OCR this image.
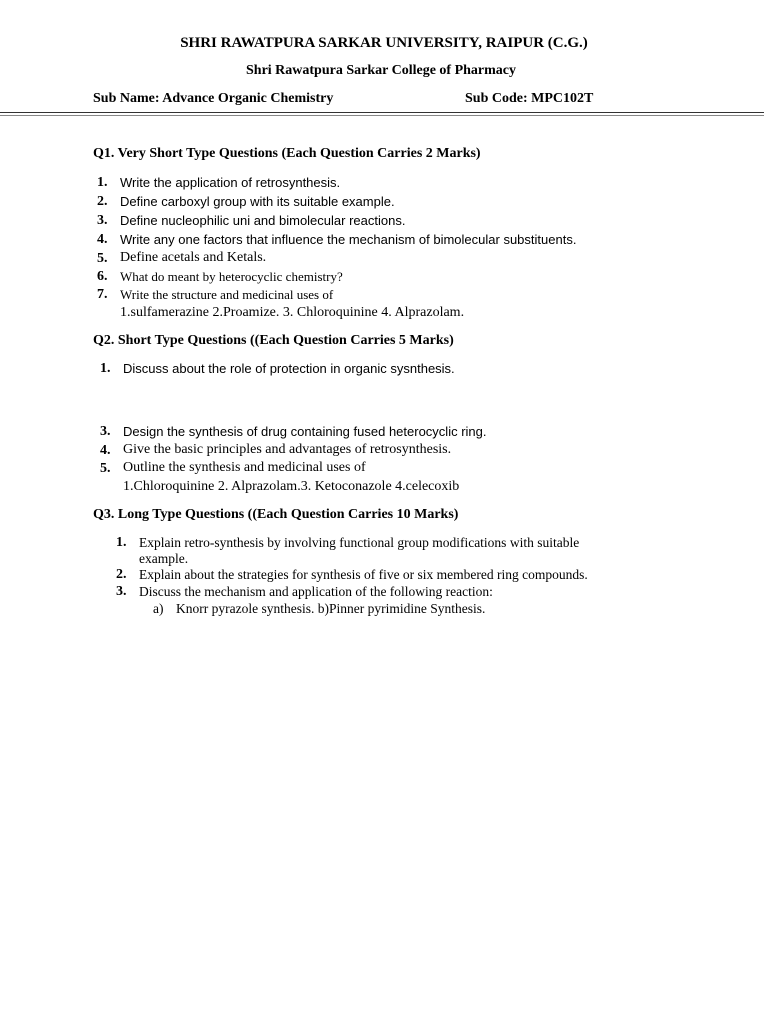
SHRI RAWATPURA SARKAR UNIVERSITY, RAIPUR (C.G.)
Shri Rawatpura Sarkar College of Pharmacy
Sub Name: Advance Organic Chemistry	Sub Code: MPC102T
Q1. Very Short Type Questions (Each Question Carries 2 Marks)
1. Write the application of retrosynthesis.
2. Define carboxyl group with its suitable example.
3. Define nucleophilic uni and bimolecular reactions.
4. Write any one factors that influence the mechanism of bimolecular substituents.
5. Define acetals and Ketals.
6. What do meant by heterocyclic chemistry?
7. Write the structure and medicinal uses of
1.sulfamerazine 2.Proamize. 3. Chloroquinine 4. Alprazolam.
Q2. Short Type Questions ((Each Question Carries 5 Marks)
1. Discuss about the role of protection in organic sysnthesis.
3. Design the synthesis of drug containing fused heterocyclic ring.
4. Give the basic principles and advantages of retrosynthesis.
5. Outline the synthesis and medicinal uses of
1.Chloroquinine 2. Alprazolam.3. Ketoconazole 4.celecoxib
Q3. Long Type Questions ((Each Question Carries 10 Marks)
1. Explain retro-synthesis by involving functional group modifications with suitable
example.
2. Explain about the strategies for synthesis of five or six membered ring compounds.
3. Discuss the mechanism and application of the following reaction:
a) Knorr pyrazole synthesis. b)Pinner pyrimidine Synthesis.
